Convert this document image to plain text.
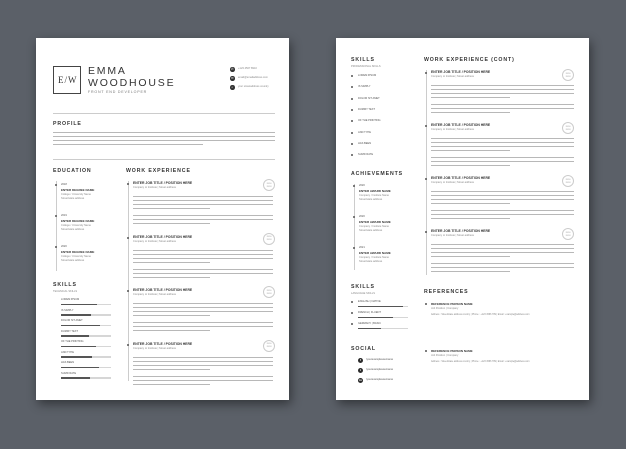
E/W
EMMA
WOODHOUSE
FRONT END DEVELOPER
✆	+123 4567 8910
✉	email@emailaddress.com
⌂	your streetaddress country
PROFILE
EDUCATION
SKILLS
TECHNICAL SKILLS
WORK EXPERIENCE
2018
ENTER DEGREE NAME
College / University Name
Street/state address
2019
ENTER DEGREE NAME
College / University Name
Street/state address
2020
ENTER DEGREE NAME
College / University Name
Street/state address
LOREM IPSUM
IS SIMPLY
DOLOR SIT AMET
DUMMY TEXT
OF THE PRINTING
AND TYPE
HAS BEEN
SUMD RATE
ENTER JOB TITLE / POSITION HERE
Company or Institute | Street address
2016 2018
ENTER JOB TITLE / POSITION HERE
Company or Institute | Street address
2016 2018
ENTER JOB TITLE / POSITION HERE
Company or Institute | Street address
2016 2018
ENTER JOB TITLE / POSITION HERE
Company or Institute | Street address
2016 2018
SKILLS
PROFESSIONAL SKILLS
ACHIEVEMENTS
SKILLS
LANGUAGE SKILLS
SOCIAL
WORK EXPERIENCE (CONT)
REFERENCES
LOREM IPSUM
IS SIMPLY
DOLOR SIT AMET
DUMMY TEXT
OF THE PRINTING
AND TYPE
HAS BEEN
SUMD RATE
2020
ENTER AWARD NAME
Company / Institute Name
Street/state address
2020
ENTER AWARD NAME
Company / Institute Name
Street/state address
2021
ENTER AWARD NAME
Company / Institute Name
Street/state address
ENGLISH | NATIVE
FRENCH | FLUENT
GERMANY | BASIC
f	/yourexampleusername
t	/yourexampleusername
in	/yourexampleusername
ENTER JOB TITLE / POSITION HERE
Company or Institute | Street address
2016 2018
ENTER JOB TITLE / POSITION HERE
Company or Institute | Street address
2016 2018
ENTER JOB TITLE / POSITION HERE
Company or Institute | Street address
2016 2018
ENTER JOB TITLE / POSITION HERE
Company or Institute | Street address
2016 2018
REFERENCE PERSON NAME
Job Position | Company
Address : Street/state address country | Phone : +123 4566 789 | Email : example@address.com
REFERENCE PERSON NAME
Job Position | Company
Address : Street/state address country | Phone : +123 4566 789 | Email : example@address.com
